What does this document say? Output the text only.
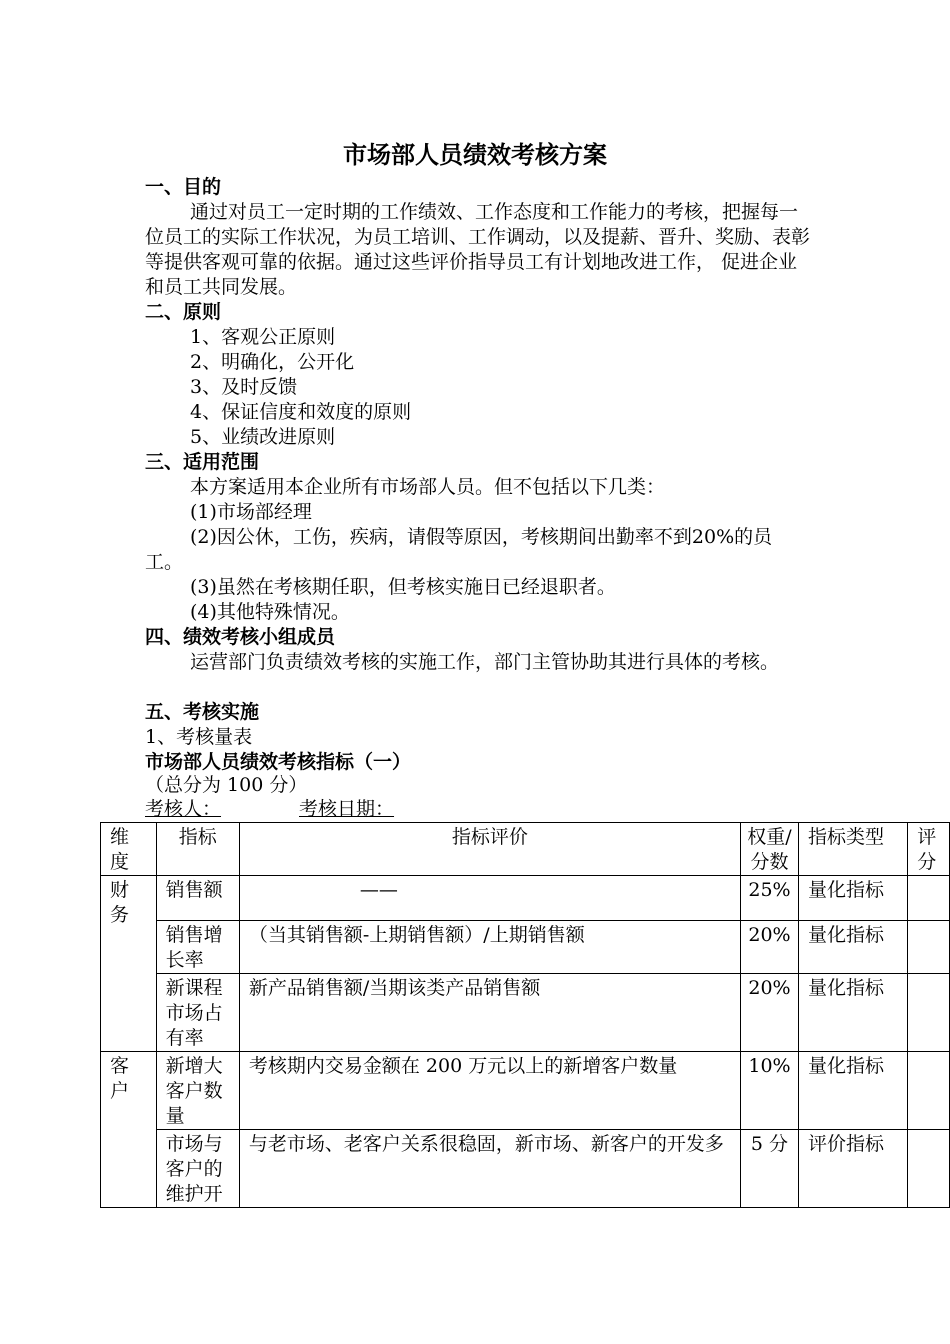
市场部人员绩效考核方案
一、目的
通过对员工一定时期的工作绩效、工作态度和工作能力的考核，把握每一位员工的实际工作状况，为员工培训、工作调动，以及提薪、晋升、奖励、表彰等提供客观可靠的依据。通过这些评价指导员工有计划地改进工作， 促进企业和员工共同发展。
二、原则
1、客观公正原则
2、明确化，公开化
3、及时反馈
4、保证信度和效度的原则
5、业绩改进原则
三、适用范围
本方案适用本企业所有市场部人员。但不包括以下几类：
(1)市场部经理
(2)因公休，工伤，疾病，请假等原因，考核期间出勤率不到20%的员工。
(3)虽然在考核期任职，但考核实施日已经退职者。
(4)其他特殊情况。
四、绩效考核小组成员
运营部门负责绩效考核的实施工作，部门主管协助其进行具体的考核。
五、考核实施
1、考核量表
市场部人员绩效考核指标（一）
（总分为 100 分）
考核人：	考核日期：
维度	指标	指标评价	权重/分数	指标类型	评分
财务	销售额	——	25%	量化指标	
	销售增长率	（当其销售额-上期销售额）/上期销售额	20%	量化指标	
	新课程市场占有率	新产品销售额/当期该类产品销售额	20%	量化指标	
客户	新增大客户数量	考核期内交易金额在 200 万元以上的新增客户数量	10%	量化指标	
	市场与客户的维护开	与老市场、老客户关系很稳固，新市场、新客户的开发多	5 分	评价指标	
